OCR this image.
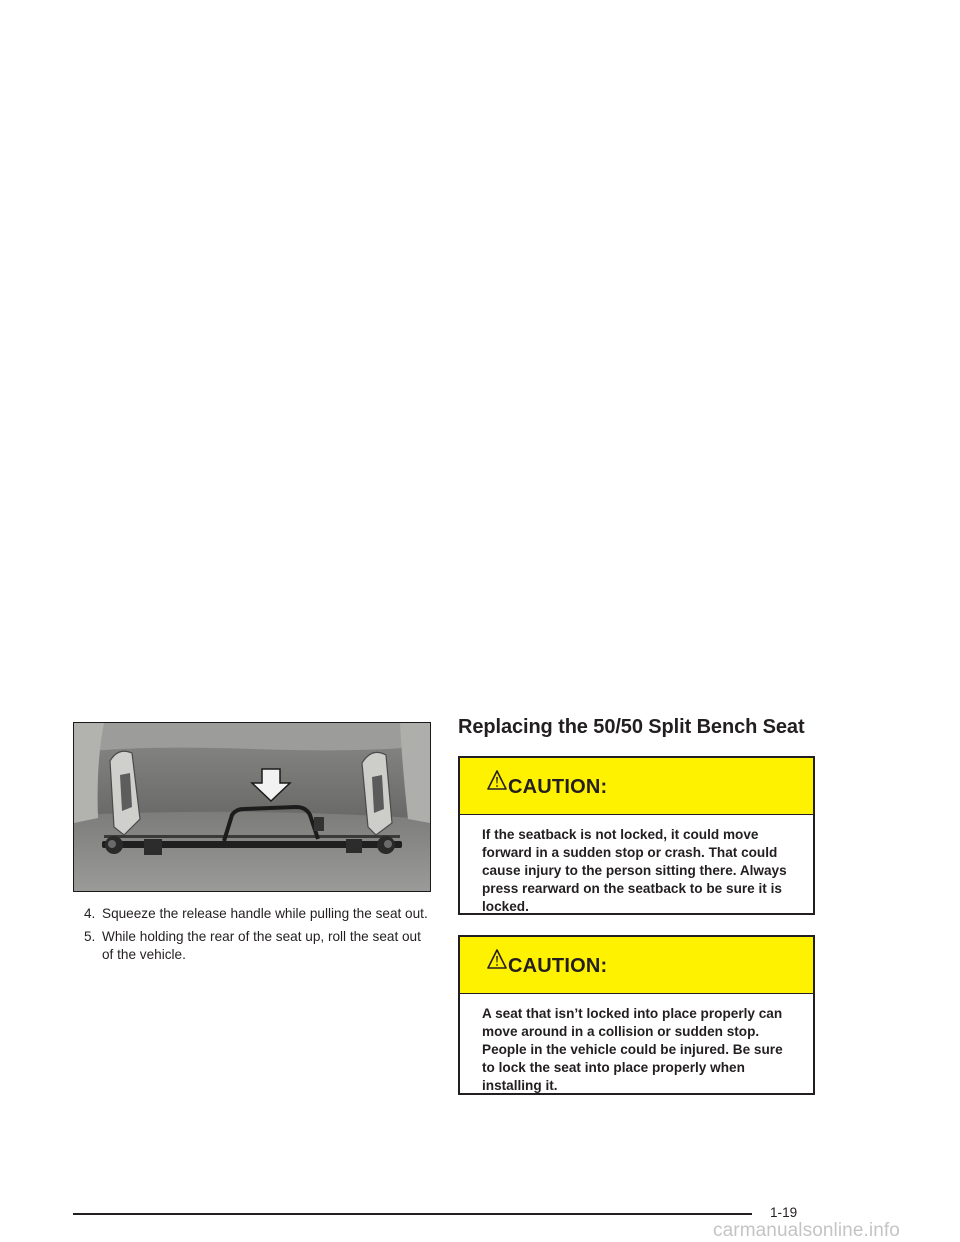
4. Squeeze the release handle while pulling the seat out.
5. While holding the rear of the seat up, roll the seat out of the vehicle.
Replacing the 50/50 Split Bench Seat
CAUTION:
If the seatback is not locked, it could move forward in a sudden stop or crash. That could cause injury to the person sitting there. Always press rearward on the seatback to be sure it is locked.
CAUTION:
A seat that isn’t locked into place properly can move around in a collision or sudden stop. People in the vehicle could be injured. Be sure to lock the seat into place properly when installing it.
1-19
carmanualsonline.info
